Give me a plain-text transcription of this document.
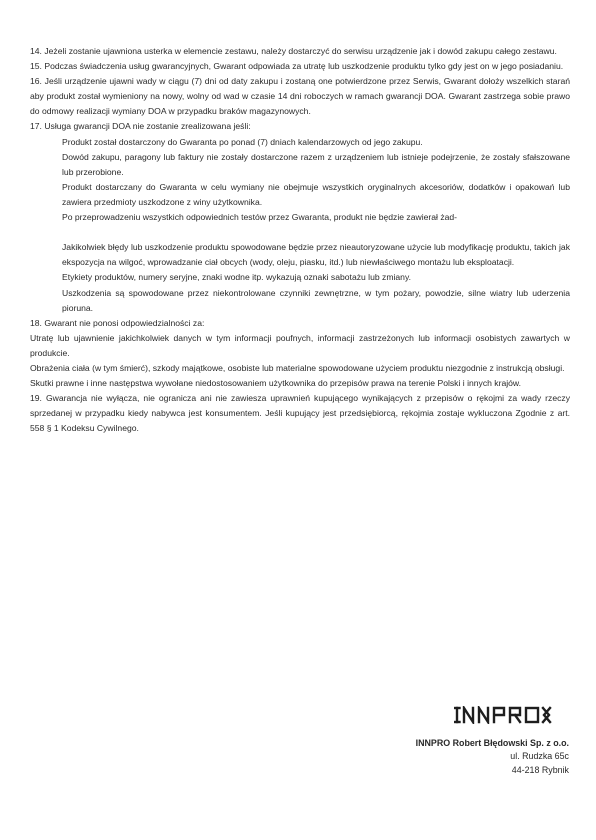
14. Jeżeli zostanie ujawniona usterka w elemencie zestawu, należy dostarczyć do serwisu urządzenie jak i dowód zakupu całego zestawu.

15. Podczas świadczenia usług gwarancyjnych, Gwarant odpowiada za utratę lub uszkodzenie produktu tylko gdy jest on w jego posiadaniu.

16. Jeśli urządzenie ujawni wady w ciągu (7) dni od daty zakupu i zostaną one potwierdzone przez Serwis, Gwarant dołoży wszelkich starań aby produkt został wymieniony na nowy, wolny od wad w czasie 14 dni roboczych w ramach gwarancji DOA. Gwarant zastrzega sobie prawo do odmowy realizacji wymiany DOA w przypadku braków magazynowych.

17. Usługa gwarancji DOA nie zostanie zrealizowana jeśli:

Produkt został dostarczony do Gwaranta po ponad (7) dniach kalendarzowych od jego zakupu.

Dowód zakupu, paragony lub faktury nie zostały dostarczone razem z urządzeniem lub istnieje podejrzenie, że zostały sfałszowane lub przerobione.

Produkt dostarczany do Gwaranta w celu wymiany nie obejmuje wszystkich oryginalnych akcesoriów, dodatków i opakowań lub zawiera przedmioty uszkodzone z winy użytkownika.

Po przeprowadzeniu wszystkich odpowiednich testów przez Gwaranta, produkt nie będzie zawierał żad-

Jakikolwiek błędy lub uszkodzenie produktu spowodowane będzie przez nieautoryzowane użycie lub modyfikację produktu, takich jak ekspozycja na wilgoć, wprowadzanie ciał obcych (wody, oleju, piasku, itd.) lub niewłaściwego montażu lub eksploatacji.

Etykiety produktów, numery seryjne, znaki wodne itp. wykazują oznaki sabotażu lub zmiany.

Uszkodzenia są spowodowane przez niekontrolowane czynniki zewnętrzne, w tym pożary, powodzie, silne wiatry lub uderzenia pioruna.

18. Gwarant nie ponosi odpowiedzialności za:

Utratę lub ujawnienie jakichkolwiek danych w tym informacji poufnych, informacji zastrzeżonych lub informacji osobistych zawartych w produkcie.

Obrażenia ciała (w tym śmierć), szkody majątkowe, osobiste lub materialne spowodowane użyciem produktu niezgodnie z instrukcją obsługi.

Skutki prawne i inne następstwa wywołane niedostosowaniem użytkownika do przepisów prawa na terenie Polski i innych krajów.

19. Gwarancja nie wyłącza, nie ogranicza ani nie zawiesza uprawnień kupującego wynikających z przepisów o rękojmi za wady rzeczy sprzedanej w przypadku kiedy nabywca jest konsumentem. Jeśli kupujący jest przedsiębiorcą, rękojmia zostaje wykluczona Zgodnie z art. 558 § 1 Kodeksu Cywilnego.

INNPRO Robert Błędowski Sp. z o.o.
ul. Rudzka 65c
44-218 Rybnik
